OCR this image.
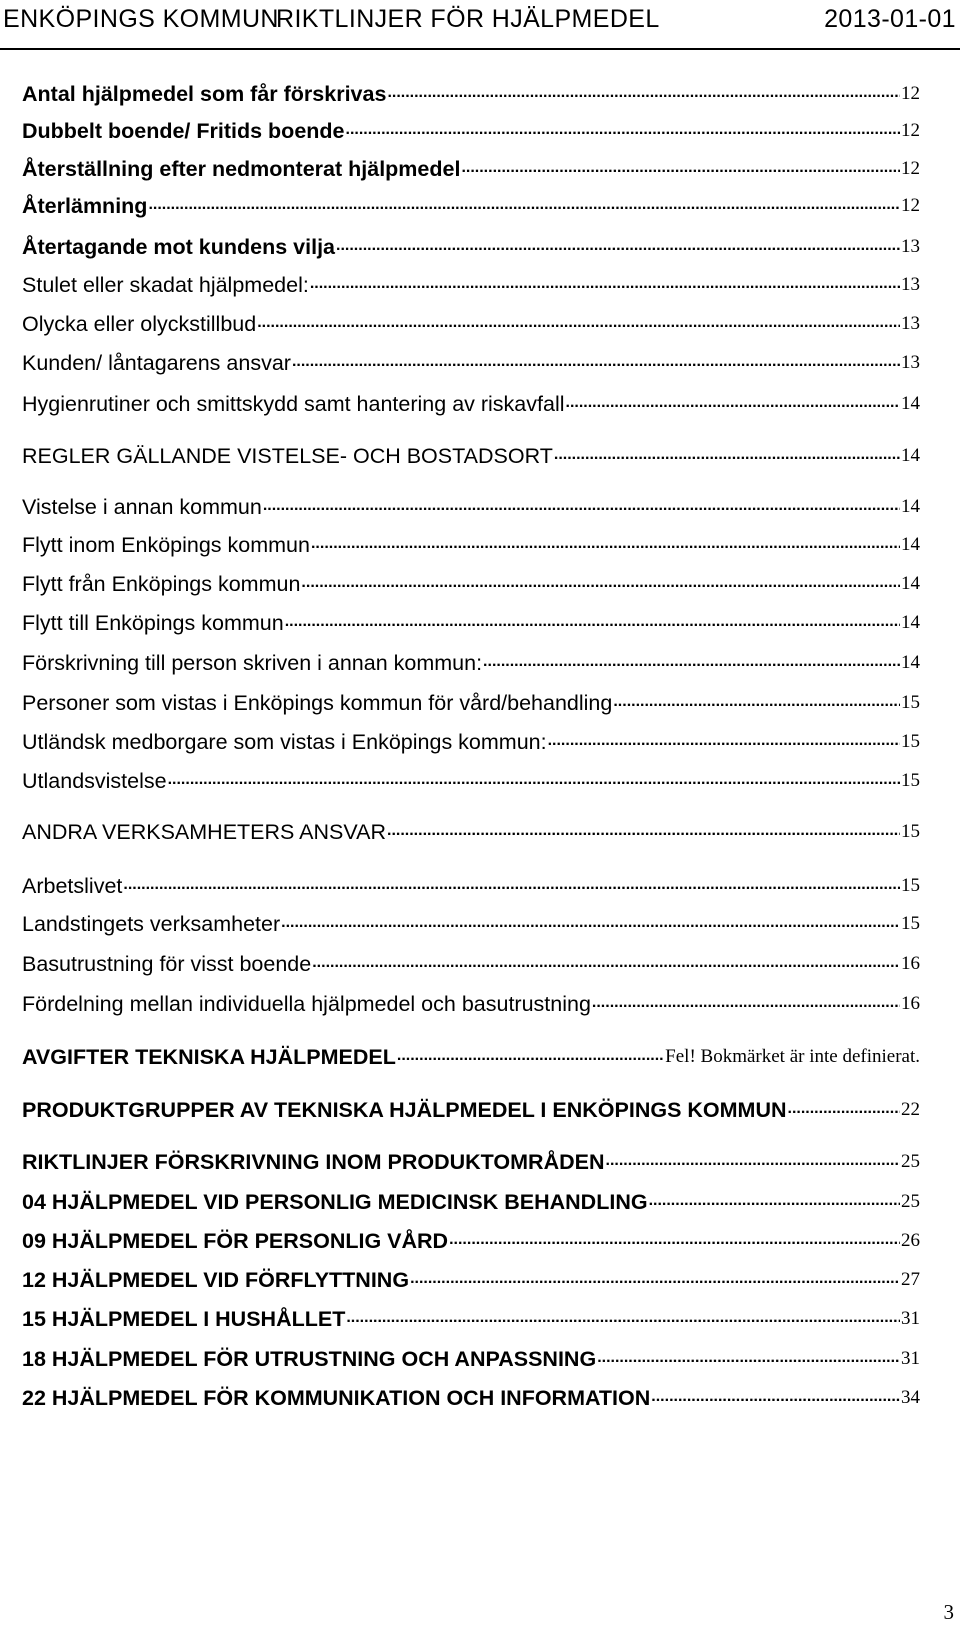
ENKÖPINGS KOMMUN
RIKTLINJER FÖR HJÄLPMEDEL	2013-01-01
Antal hjälpmedel som får förskrivas .....	12
Dubbelt boende/ Fritids boende .....	12
Återställning efter nedmonterat hjälpmedel .....	12
Återlämning .....	12
Återtagande mot kundens vilja .....	13
Stulet eller skadat hjälpmedel: .....	13
Olycka eller olyckstillbud .....	13
Kunden/ låntagarens ansvar .....	13
Hygienrutiner och smittskydd samt hantering av riskavfall .....	14
REGLER GÄLLANDE VISTELSE- OCH BOSTADSORT .....	14
Vistelse i annan kommun .....	14
Flytt inom Enköpings kommun .....	14
Flytt från Enköpings kommun .....	14
Flytt till Enköpings kommun .....	14
Förskrivning till person skriven i annan kommun: .....	14
Personer som vistas i Enköpings kommun för vård/behandling .....	15
Utländsk medborgare som vistas i Enköpings kommun: .....	15
Utlandsvistelse .....	15
ANDRA VERKSAMHETERS ANSVAR .....	15
Arbetslivet .....	15
Landstingets verksamheter .....	15
Basutrustning för visst boende .....	16
Fördelning mellan individuella hjälpmedel och basutrustning .....	16
AVGIFTER TEKNISKA HJÄLPMEDEL .....	Fel! Bokmärket är inte definierat.
PRODUKTGRUPPER AV TEKNISKA HJÄLPMEDEL I ENKÖPINGS KOMMUN .....	22
RIKTLINJER FÖRSKRIVNING INOM PRODUKTOMRÅDEN .....	25
04 HJÄLPMEDEL VID PERSONLIG MEDICINSK BEHANDLING .....	25
09 HJÄLPMEDEL FÖR PERSONLIG VÅRD .....	26
12 HJÄLPMEDEL VID FÖRFLYTTNING .....	27
15 HJÄLPMEDEL I HUSHÅLLET .....	31
18 HJÄLPMEDEL FÖR UTRUSTNING OCH ANPASSNING .....	31
22 HJÄLPMEDEL FÖR KOMMUNIKATION OCH INFORMATION .....	34
3
